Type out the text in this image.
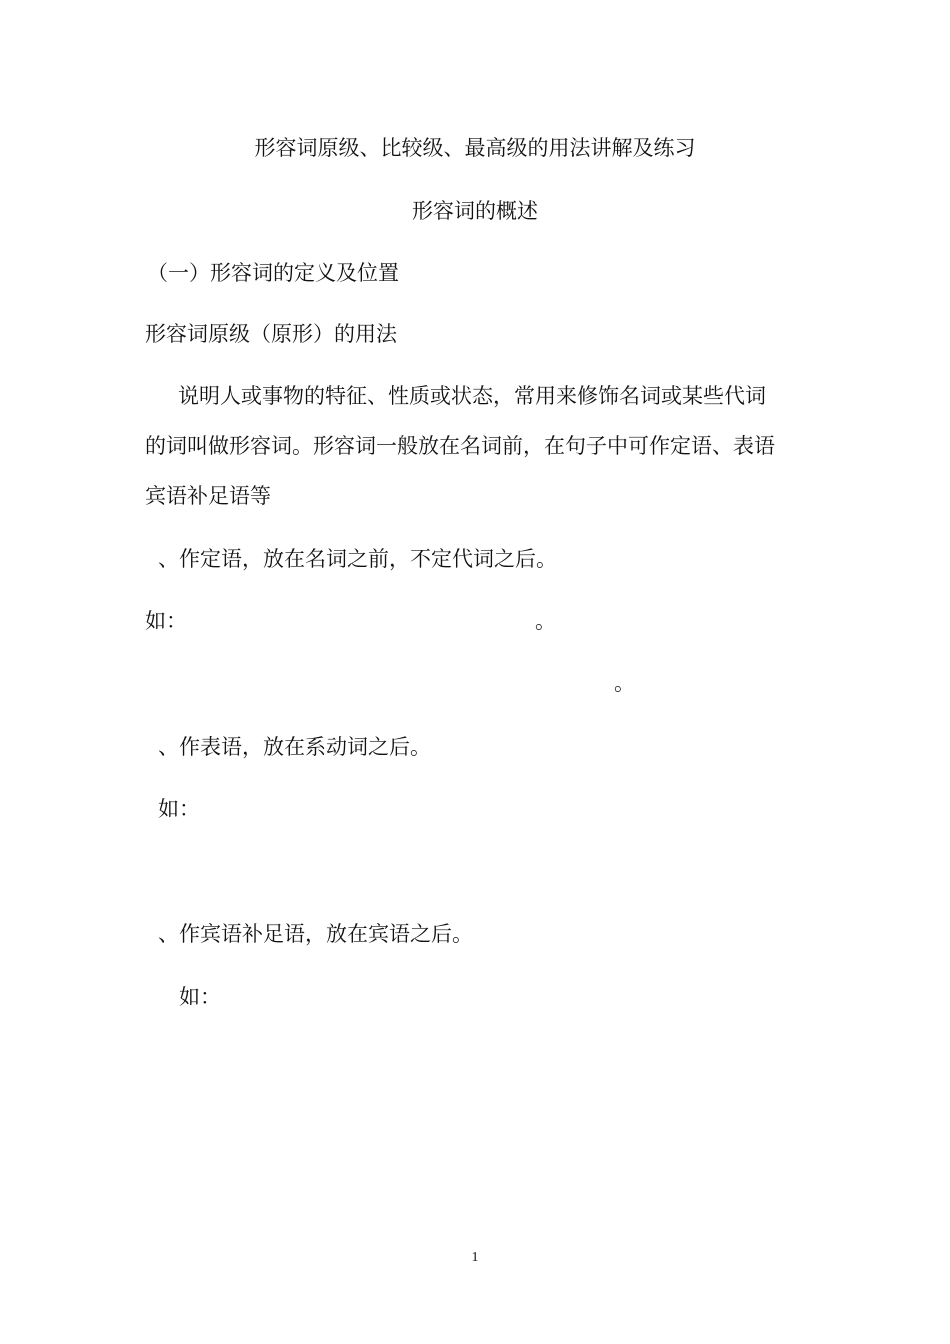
形容词原级、比较级、最高级的用法讲解及练习
形容词的概述
（一）形容词的定义及位置
形容词原级（原形）的用法
说明人或事物的特征、性质或状态，常用来修饰名词或某些代词
的词叫做形容词。形容词一般放在名词前，在句子中可作定语、表语
宾语补足语等
、作定语，放在名词之前，不定代词之后。
如：	。
。
、作表语，放在系动词之后。
如：
、作宾语补足语，放在宾语之后。
如：
1
